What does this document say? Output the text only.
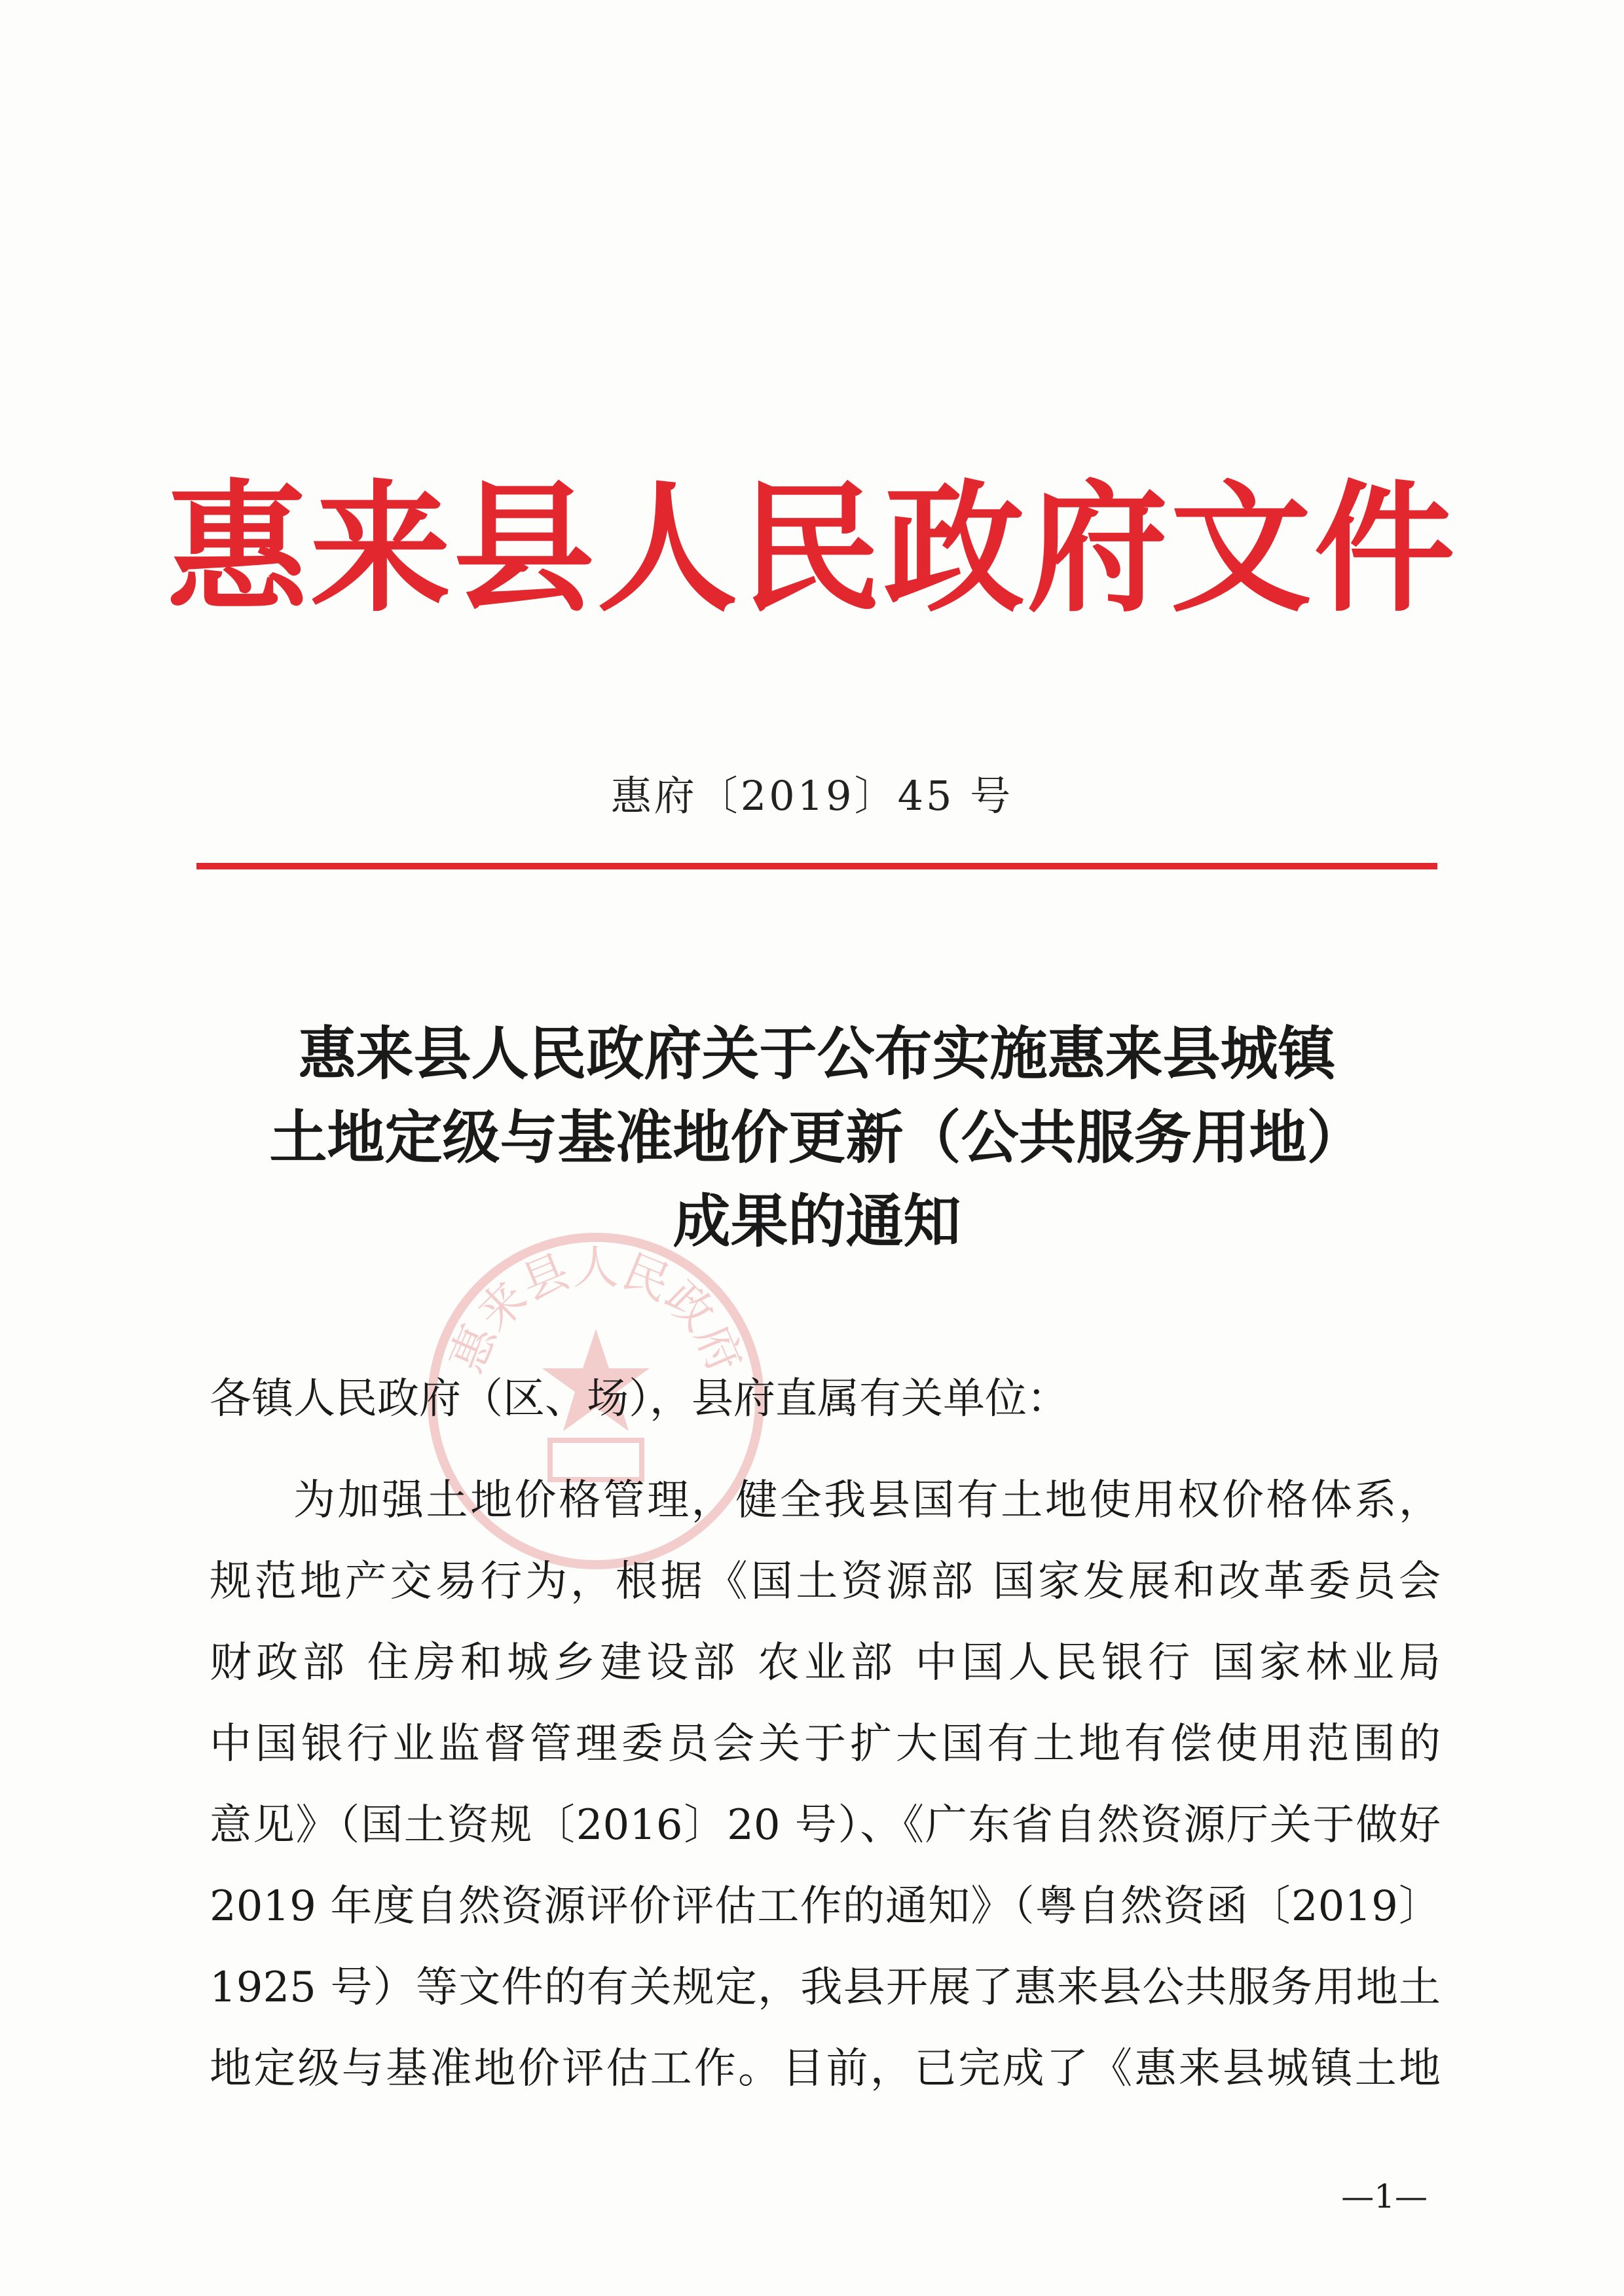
惠来县人民政府文件
惠府〔2019〕45 号
惠来县人民政府关于公布实施惠来县城镇
土地定级与基准地价更新（公共服务用地）
成果的通知
惠来县人民政府
各镇人民政府（区、场），县府直属有关单位：
为加强土地价格管理，健全我县国有土地使用权价格体系，
规范地产交易行为，根据《国土资源部 国家发展和改革委员会
财政部 住房和城乡建设部 农业部 中国人民银行 国家林业局
中国银行业监督管理委员会关于扩大国有土地有偿使用范围的
意见》（国土资规〔2016〕20 号）、《广东省自然资源厅关于做好
2019 年度自然资源评价评估工作的通知》（粤自然资函〔2019〕
1925 号）等文件的有关规定，我县开展了惠来县公共服务用地土
地定级与基准地价评估工作。目前，已完成了《惠来县城镇土地
—1—
